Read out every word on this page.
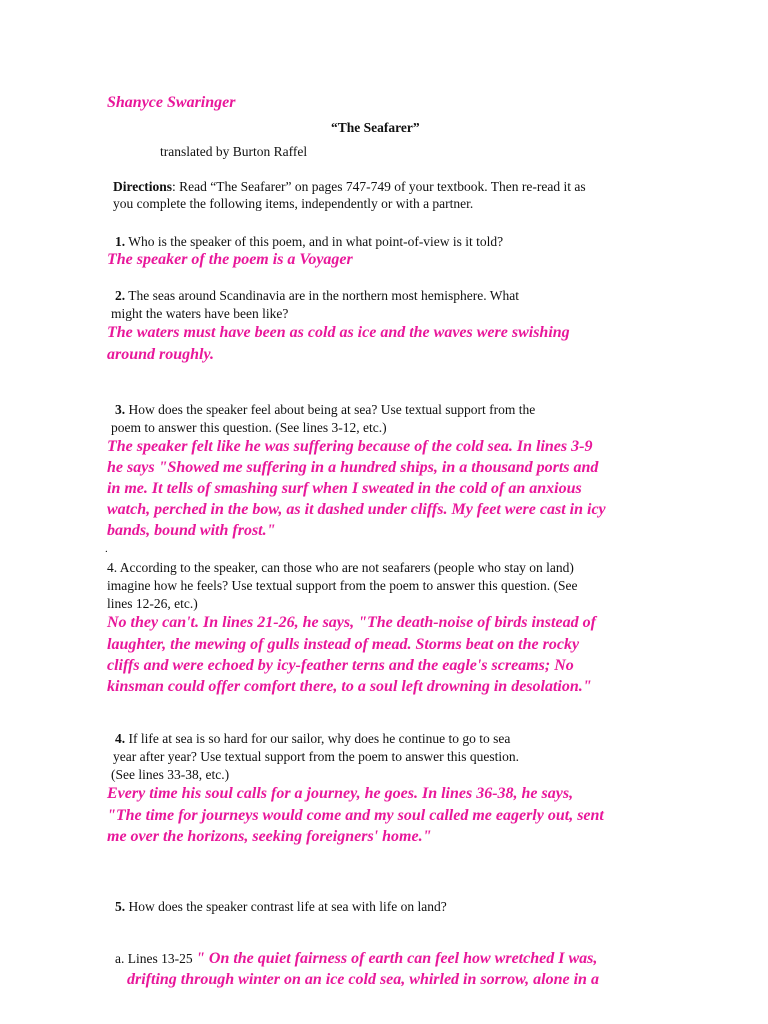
Shanyce Swaringer
“The Seafarer”
translated by Burton Raffel
Directions: Read “The Seafarer” on pages 747-749 of your textbook. Then re-read it as
you complete the following items, independently or with a partner.
1. Who is the speaker of this poem, and in what point-of-view is it told?
The speaker of the poem is a Voyager
2. The seas around Scandinavia are in the northern most hemisphere. What
might the waters have been like?
The waters must have been as cold as ice and the waves were swishing
around roughly.
3. How does the speaker feel about being at sea? Use textual support from the
poem to answer this question. (See lines 3-12, etc.)
The speaker felt like he was suffering because of the cold sea. In lines 3-9
he says "Showed me suffering in a hundred ships, in a thousand ports and
in me. It tells of smashing surf when I sweated in the cold of an anxious
watch, perched in the bow, as it dashed under cliffs. My feet were cast in icy
bands, bound with frost."
.
4. According to the speaker, can those who are not seafarers (people who stay on land)
imagine how he feels? Use textual support from the poem to answer this question. (See
lines 12-26, etc.)
No they can't. In lines 21-26, he says, "The death-noise of birds instead of
laughter, the mewing of gulls instead of mead. Storms beat on the rocky
cliffs and were echoed by icy-feather terns and the eagle's screams; No
kinsman could offer comfort there, to a soul left drowning in desolation."
4. If life at sea is so hard for our sailor, why does he continue to go to sea
year after year? Use textual support from the poem to answer this question.
(See lines 33-38, etc.)
Every time his soul calls for a journey, he goes. In lines 36-38, he says,
"The time for journeys would come and my soul called me eagerly out, sent
me over the horizons, seeking foreigners' home."
5. How does the speaker contrast life at sea with life on land?
a. Lines 13-25 " On the quiet fairness of earth can feel how wretched I was,
drifting through winter on an ice cold sea, whirled in sorrow, alone in a
